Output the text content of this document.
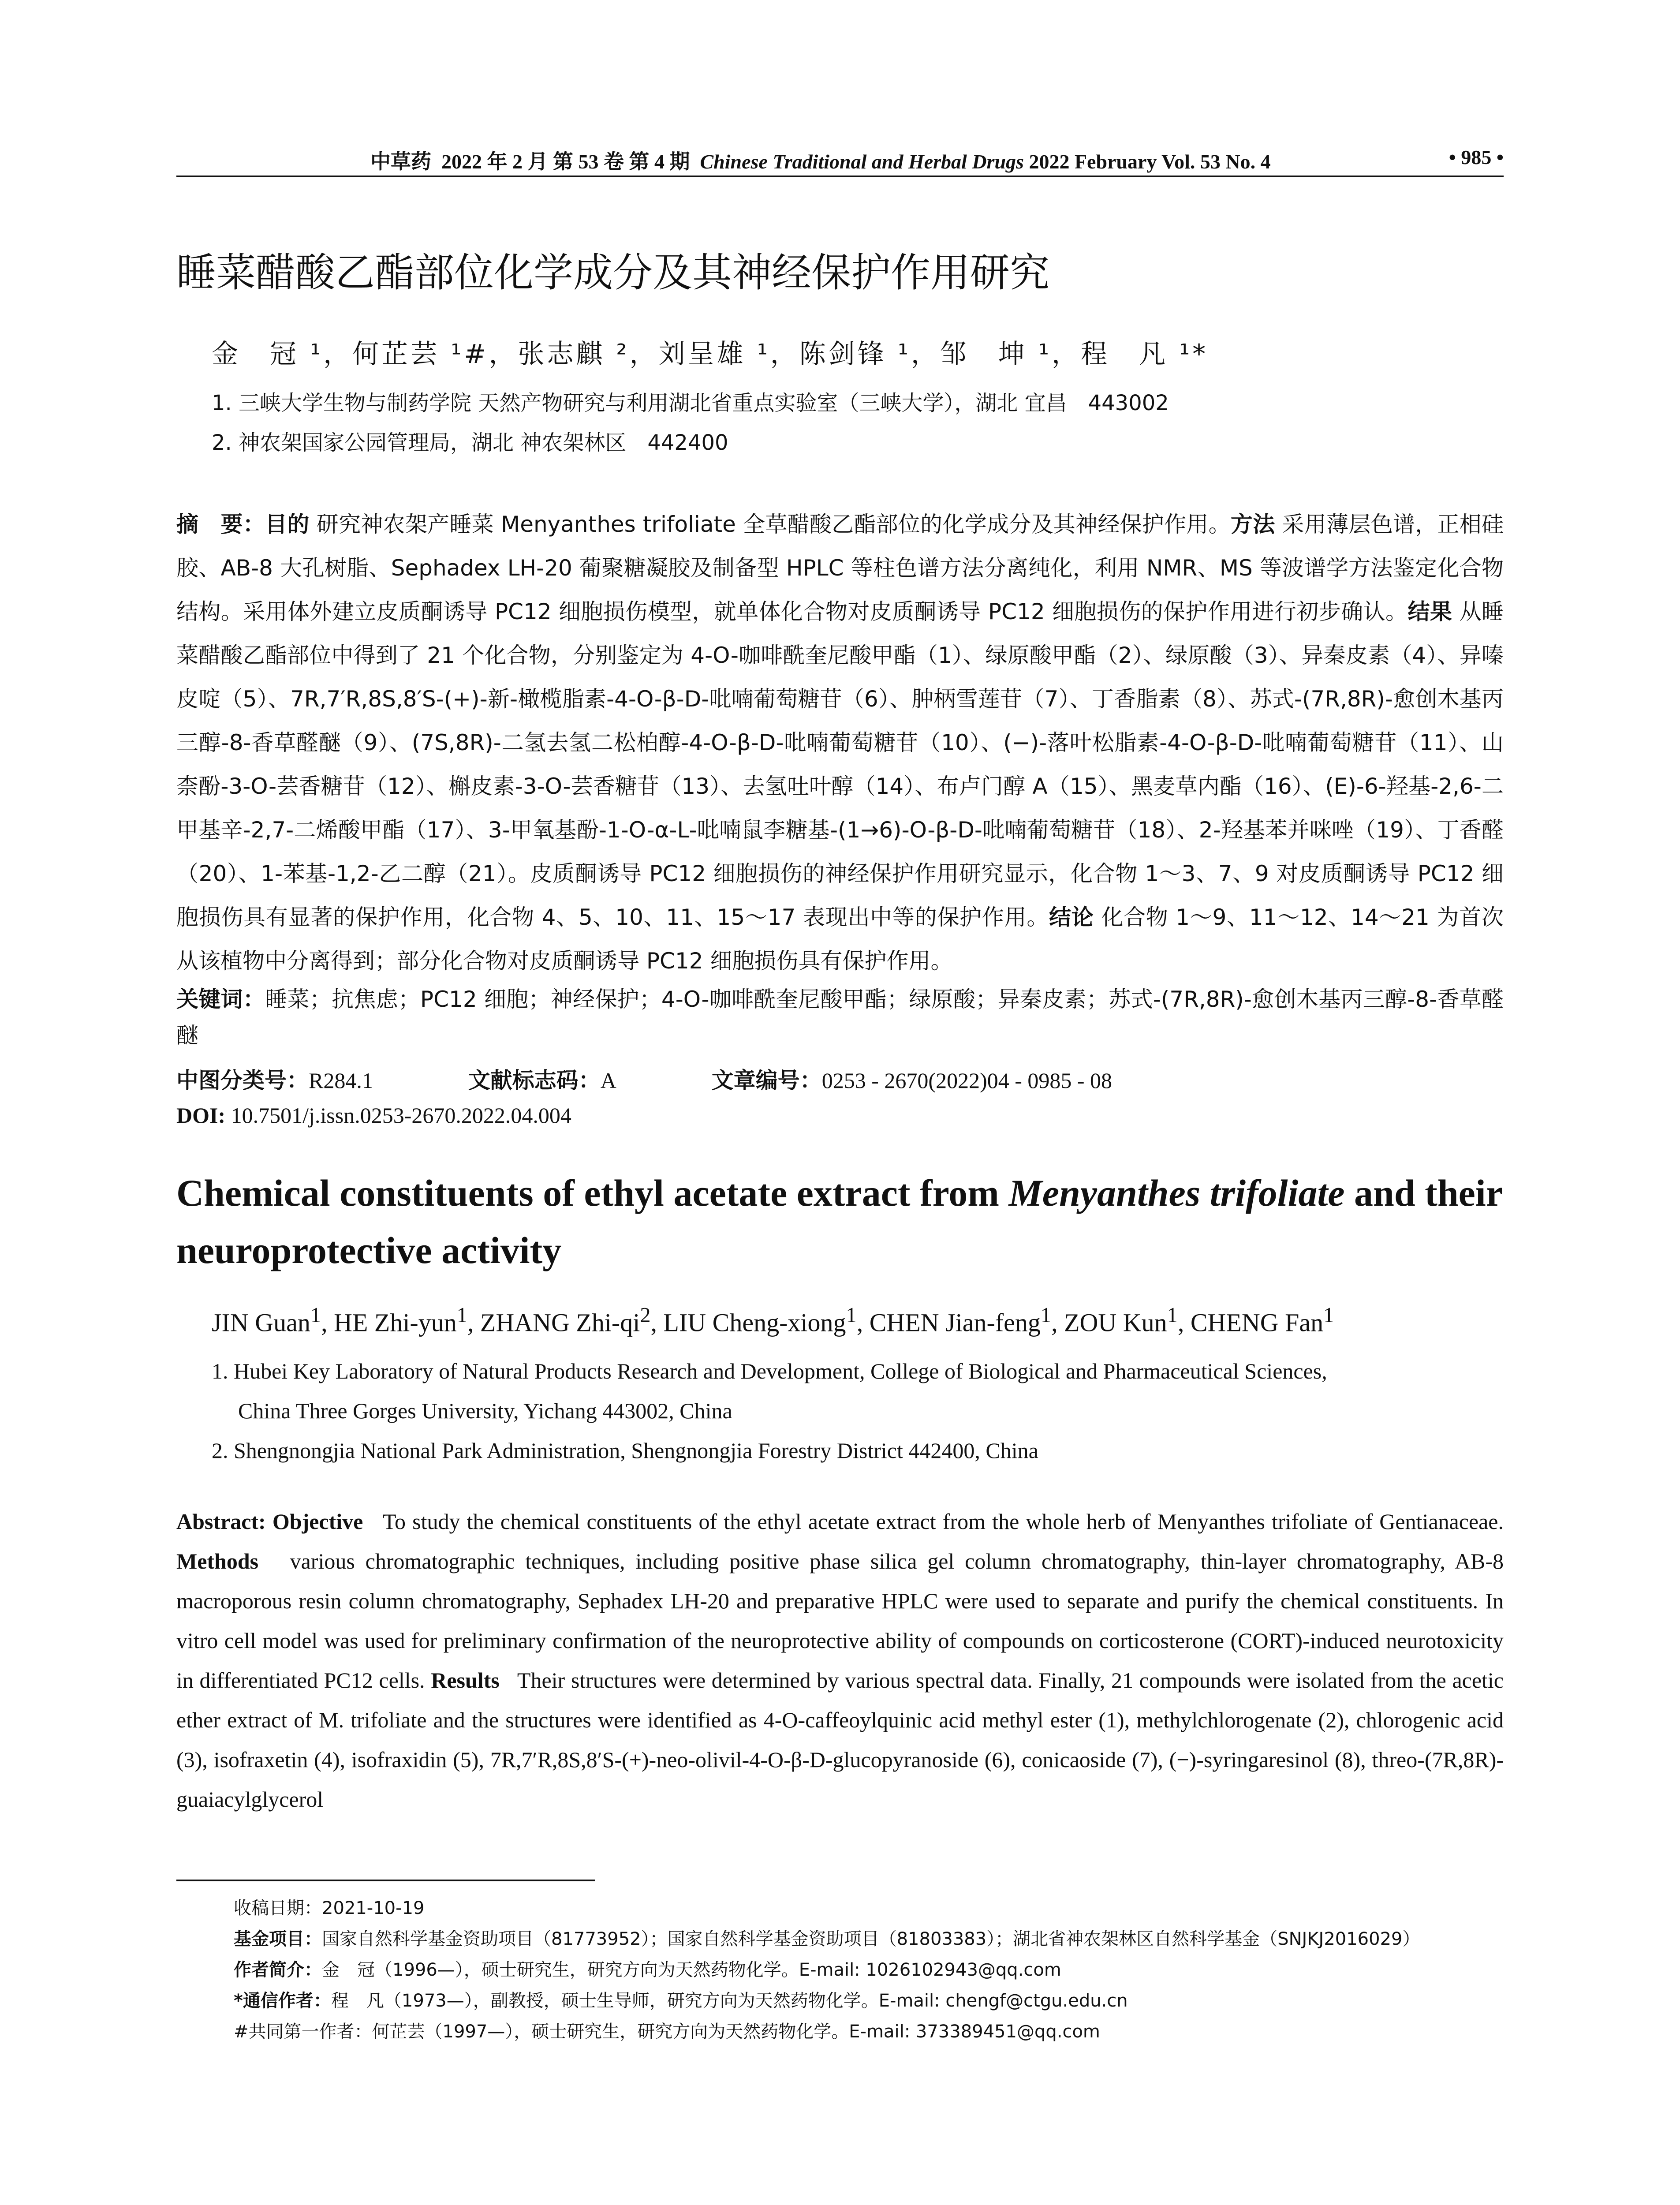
中草药 2022 年 2 月 第 53 卷 第 4 期 Chinese Traditional and Herbal Drugs 2022 February Vol. 53 No. 4	• 985 •
睡菜醋酸乙酯部位化学成分及其神经保护作用研究
金　冠 ¹，何芷芸 ¹#，张志麒 ²，刘呈雄 ¹，陈剑锋 ¹，邹　坤 ¹，程　凡 ¹*
1. 三峡大学生物与制药学院 天然产物研究与利用湖北省重点实验室（三峡大学），湖北 宜昌　443002
2. 神农架国家公园管理局，湖北 神农架林区　442400
摘　要：目的 研究神农架产睡菜 Menyanthes trifoliate 全草醋酸乙酯部位的化学成分及其神经保护作用。方法 采用薄层色谱，正相硅胶、AB-8 大孔树脂、Sephadex LH-20 葡聚糖凝胶及制备型 HPLC 等柱色谱方法分离纯化，利用 NMR、MS 等波谱学方法鉴定化合物结构。采用体外建立皮质酮诱导 PC12 细胞损伤模型，就单体化合物对皮质酮诱导 PC12 细胞损伤的保护作用进行初步确认。结果 从睡菜醋酸乙酯部位中得到了 21 个化合物，分别鉴定为 4-O-咖啡酰奎尼酸甲酯（1）、绿原酸甲酯（2）、绿原酸（3）、异秦皮素（4）、异嗪皮啶（5）、7R,7′R,8S,8′S-(+)-新-橄榄脂素-4-O-β-D-吡喃葡萄糖苷（6）、肿柄雪莲苷（7）、丁香脂素（8）、苏式-(7R,8R)-愈创木基丙三醇-8-香草醛醚（9）、(7S,8R)-二氢去氢二松柏醇-4-O-β-D-吡喃葡萄糖苷（10）、(−)-落叶松脂素-4-O-β-D-吡喃葡萄糖苷（11）、山柰酚-3-O-芸香糖苷（12）、槲皮素-3-O-芸香糖苷（13）、去氢吐叶醇（14）、布卢门醇 A（15）、黑麦草内酯（16）、(E)-6-羟基-2,6-二甲基辛-2,7-二烯酸甲酯（17）、3-甲氧基酚-1-O-α-L-吡喃鼠李糖基-(1→6)-O-β-D-吡喃葡萄糖苷（18）、2-羟基苯并咪唑（19）、丁香醛（20）、1-苯基-1,2-乙二醇（21）。皮质酮诱导 PC12 细胞损伤的神经保护作用研究显示，化合物 1～3、7、9 对皮质酮诱导 PC12 细胞损伤具有显著的保护作用，化合物 4、5、10、11、15～17 表现出中等的保护作用。结论 化合物 1～9、11～12、14～21 为首次从该植物中分离得到；部分化合物对皮质酮诱导 PC12 细胞损伤具有保护作用。
关键词：睡菜；抗焦虑；PC12 细胞；神经保护；4-O-咖啡酰奎尼酸甲酯；绿原酸；异秦皮素；苏式-(7R,8R)-愈创木基丙三醇-8-香草醛醚
中图分类号：R284.1	文献标志码：A	文章编号：0253 - 2670(2022)04 - 0985 - 08
DOI: 10.7501/j.issn.0253-2670.2022.04.004
Chemical constituents of ethyl acetate extract from Menyanthes trifoliate and their neuroprotective activity
JIN Guan$^1$, HE Zhi-yun$^1$, ZHANG Zhi-$qi^2$, LIU Cheng-xiong$^1$, CHEN Jian-feng$^1$, ZOU Kun$^1$, CHENG Fan$^1$
1. Hubei Key Laboratory of Natural Products Research and Development, College of Biological and Pharmaceutical Sciences,
China Three Gorges University, Yichang 443002, China
2. Shengnongjia National Park Administration, Shengnongjia Forestry District 442400, China
Abstract: Objective To study the chemical constituents of the ethyl acetate extract from the whole herb of Menyanthes trifoliate of Gentianaceae. Methods various chromatographic techniques, including positive phase silica gel column chromatography, thin-layer chromatography, AB-8 macroporous resin column chromatography, Sephadex LH-20 and preparative HPLC were used to separate and purify the chemical constituents. In vitro cell model was used for preliminary confirmation of the neuroprotective ability of compounds on corticosterone (CORT)-induced neurotoxicity in differentiated PC12 cells. Results Their structures were determined by various spectral data. Finally, 21 compounds were isolated from the acetic ether extract of M. trifoliate and the structures were identified as 4-O-caffeoylquinic acid methyl ester (1), methylchlorogenate (2), chlorogenic acid (3), isofraxetin (4), isofraxidin (5), 7R,7′R,8S,8′S-(+)-neo-olivil-4-O-β-D-glucopyranoside (6), conicaoside (7), (−)-syringaresinol (8), threo-(7R,8R)-guaiacylglycerol
收稿日期：2021-10-19
基金项目：国家自然科学基金资助项目（81773952）；国家自然科学基金资助项目（81803383）；湖北省神农架林区自然科学基金（SNJKJ2016029）
作者简介：金　冠（1996—），硕士研究生，研究方向为天然药物化学。E-mail: 1026102943@qq.com
*通信作者：程　凡（1973—），副教授，硕士生导师，研究方向为天然药物化学。E-mail: chengf@ctgu.edu.cn
#共同第一作者：何芷芸（1997—），硕士研究生，研究方向为天然药物化学。E-mail: 373389451@qq.com
